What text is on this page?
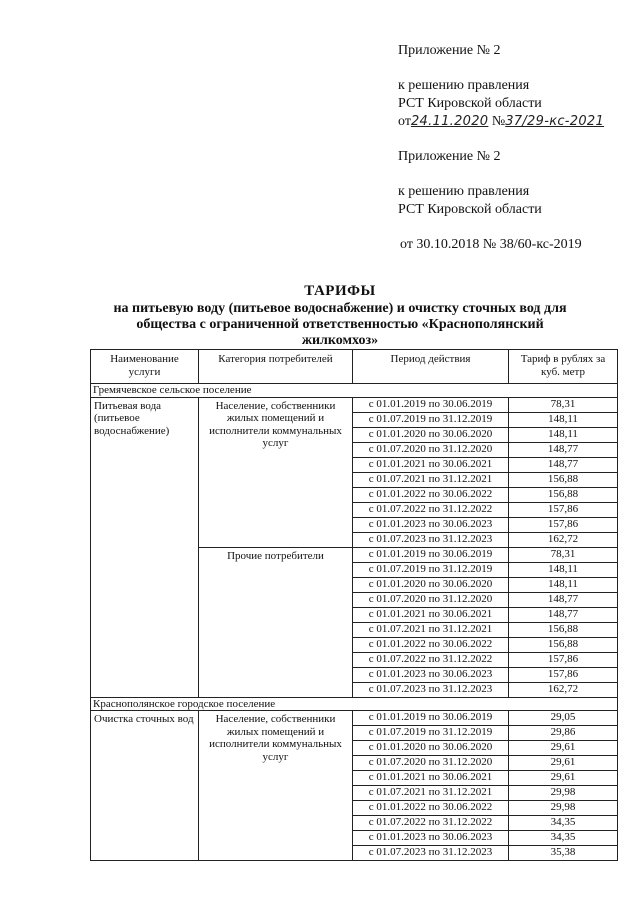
Приложение № 2
к решению правления
РСТ Кировской области
от24.11.2020 №37/29-кс-2021
Приложение № 2
к решению правления
РСТ Кировской области
от 30.10.2018 № 38/60-кс-2019
ТАРИФЫ
на питьевую воду (питьевое водоснабжение) и очистку сточных вод для
общества с ограниченной ответственностью «Краснополянский
жилкомхоз»
Наименование услуги	Категория потребителей	Период действия	Тариф в рублях за куб. метр
Гремячевское сельское поселение			
Питьевая вода (питьевое водоснабжение)	Население, собственники жилых помещений и исполнители коммунальных услуг	с 01.01.2019 по 30.06.2019	78,31
		с 01.07.2019 по 31.12.2019	148,11
		с 01.01.2020 по 30.06.2020	148,11
		с 01.07.2020 по 31.12.2020	148,77
		с 01.01.2021 по 30.06.2021	148,77
		с 01.07.2021 по 31.12.2021	156,88
		с 01.01.2022 по 30.06.2022	156,88
		с 01.07.2022 по 31.12.2022	157,86
		с 01.01.2023 по 30.06.2023	157,86
		с 01.07.2023 по 31.12.2023	162,72
	Прочие потребители	с 01.01.2019 по 30.06.2019	78,31
		с 01.07.2019 по 31.12.2019	148,11
		с 01.01.2020 по 30.06.2020	148,11
		с 01.07.2020 по 31.12.2020	148,77
		с 01.01.2021 по 30.06.2021	148,77
		с 01.07.2021 по 31.12.2021	156,88
		с 01.01.2022 по 30.06.2022	156,88
		с 01.07.2022 по 31.12.2022	157,86
		с 01.01.2023 по 30.06.2023	157,86
		с 01.07.2023 по 31.12.2023	162,72
Краснополянское городское поселение			
Очистка сточных вод	Население, собственники жилых помещений и исполнители коммунальных услуг	с 01.01.2019 по 30.06.2019	29,05
		с 01.07.2019 по 31.12.2019	29,86
		с 01.01.2020 по 30.06.2020	29,61
		с 01.07.2020 по 31.12.2020	29,61
		с 01.01.2021 по 30.06.2021	29,61
		с 01.07.2021 по 31.12.2021	29,98
		с 01.01.2022 по 30.06.2022	29,98
		с 01.07.2022 по 31.12.2022	34,35
		с 01.01.2023 по 30.06.2023	34,35
		с 01.07.2023 по 31.12.2023	35,38
